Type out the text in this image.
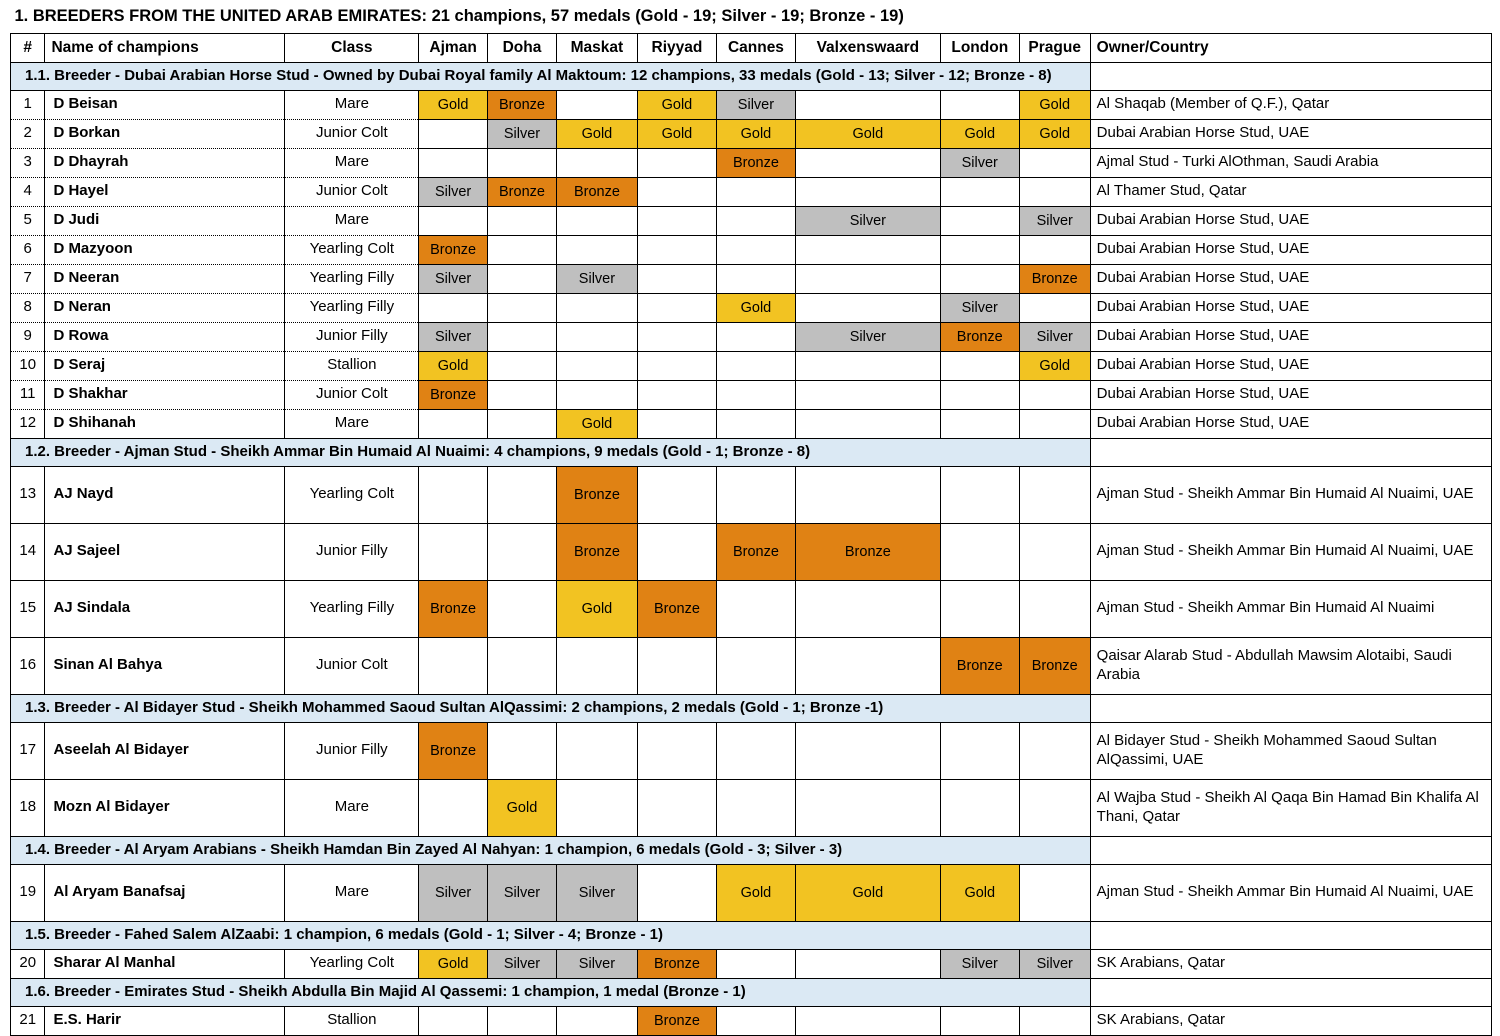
1. BREEDERS FROM THE UNITED ARAB EMIRATES: 21 champions, 57 medals (Gold - 19; Silver - 19; Bronze - 19)											
#	Name of champions	Class	Ajman	Doha	Maskat	Riyyad	Cannes	Valxenswaard	London	Prague	Owner/Country
1.1. Breeder - Dubai Arabian Horse Stud - Owned by Dubai Royal family Al Maktoum: 12 champions, 33 medals (Gold - 13; Silver - 12; Bronze - 8)											
1	D Beisan	Mare	Gold	Bronze		Gold	Silver			Gold	Al Shaqab (Member of Q.F.), Qatar
2	D Borkan	Junior Colt		Silver	Gold	Gold	Gold	Gold	Gold	Gold	Dubai Arabian Horse Stud, UAE
3	D Dhayrah	Mare					Bronze		Silver		Ajmal Stud - Turki AlOthman, Saudi Arabia
4	D Hayel	Junior Colt	Silver	Bronze	Bronze						Al Thamer Stud, Qatar
5	D Judi	Mare						Silver		Silver	Dubai Arabian Horse Stud, UAE
6	D Mazyoon	Yearling Colt	Bronze								Dubai Arabian Horse Stud, UAE
7	D Neeran	Yearling Filly	Silver		Silver					Bronze	Dubai Arabian Horse Stud, UAE
8	D Neran	Yearling Filly					Gold		Silver		Dubai Arabian Horse Stud, UAE
9	D Rowa	Junior Filly	Silver					Silver	Bronze	Silver	Dubai Arabian Horse Stud, UAE
10	D Seraj	Stallion	Gold							Gold	Dubai Arabian Horse Stud, UAE
11	D Shakhar	Junior Colt	Bronze								Dubai Arabian Horse Stud, UAE
12	D Shihanah	Mare			Gold						Dubai Arabian Horse Stud, UAE
1.2. Breeder - Ajman Stud - Sheikh Ammar Bin Humaid Al Nuaimi: 4 champions, 9 medals (Gold - 1; Bronze - 8)											
13	AJ Nayd	Yearling Colt			Bronze						Ajman Stud - Sheikh Ammar Bin Humaid Al Nuaimi, UAE
14	AJ Sajeel	Junior Filly			Bronze		Bronze	Bronze			Ajman Stud - Sheikh Ammar Bin Humaid Al Nuaimi, UAE
15	AJ Sindala	Yearling Filly	Bronze		Gold	Bronze					Ajman Stud - Sheikh Ammar Bin Humaid Al Nuaimi
16	Sinan Al Bahya	Junior Colt							Bronze	Bronze	Qaisar Alarab Stud - Abdullah Mawsim Alotaibi, Saudi Arabia
1.3. Breeder - Al Bidayer Stud - Sheikh Mohammed Saoud Sultan AlQassimi: 2 champions, 2 medals (Gold - 1; Bronze -1)											
17	Aseelah Al Bidayer	Junior Filly	Bronze								Al Bidayer Stud - Sheikh Mohammed Saoud Sultan AlQassimi, UAE
18	Mozn Al Bidayer	Mare		Gold							Al Wajba Stud - Sheikh Al Qaqa Bin Hamad Bin Khalifa Al Thani, Qatar
1.4. Breeder - Al Aryam Arabians - Sheikh Hamdan Bin Zayed Al Nahyan: 1 champion, 6 medals (Gold - 3; Silver - 3)											
19	Al Aryam Banafsaj	Mare	Silver	Silver	Silver		Gold	Gold	Gold		Ajman Stud - Sheikh Ammar Bin Humaid Al Nuaimi, UAE
1.5. Breeder - Fahed Salem AlZaabi: 1 champion, 6 medals (Gold - 1; Silver - 4; Bronze - 1)											
20	Sharar Al Manhal	Yearling Colt	Gold	Silver	Silver	Bronze			Silver	Silver	SK Arabians, Qatar
1.6. Breeder - Emirates Stud - Sheikh Abdulla Bin Majid Al Qassemi: 1 champion, 1 medal (Bronze - 1)											
21	E.S. Harir	Stallion				Bronze					SK Arabians, Qatar
